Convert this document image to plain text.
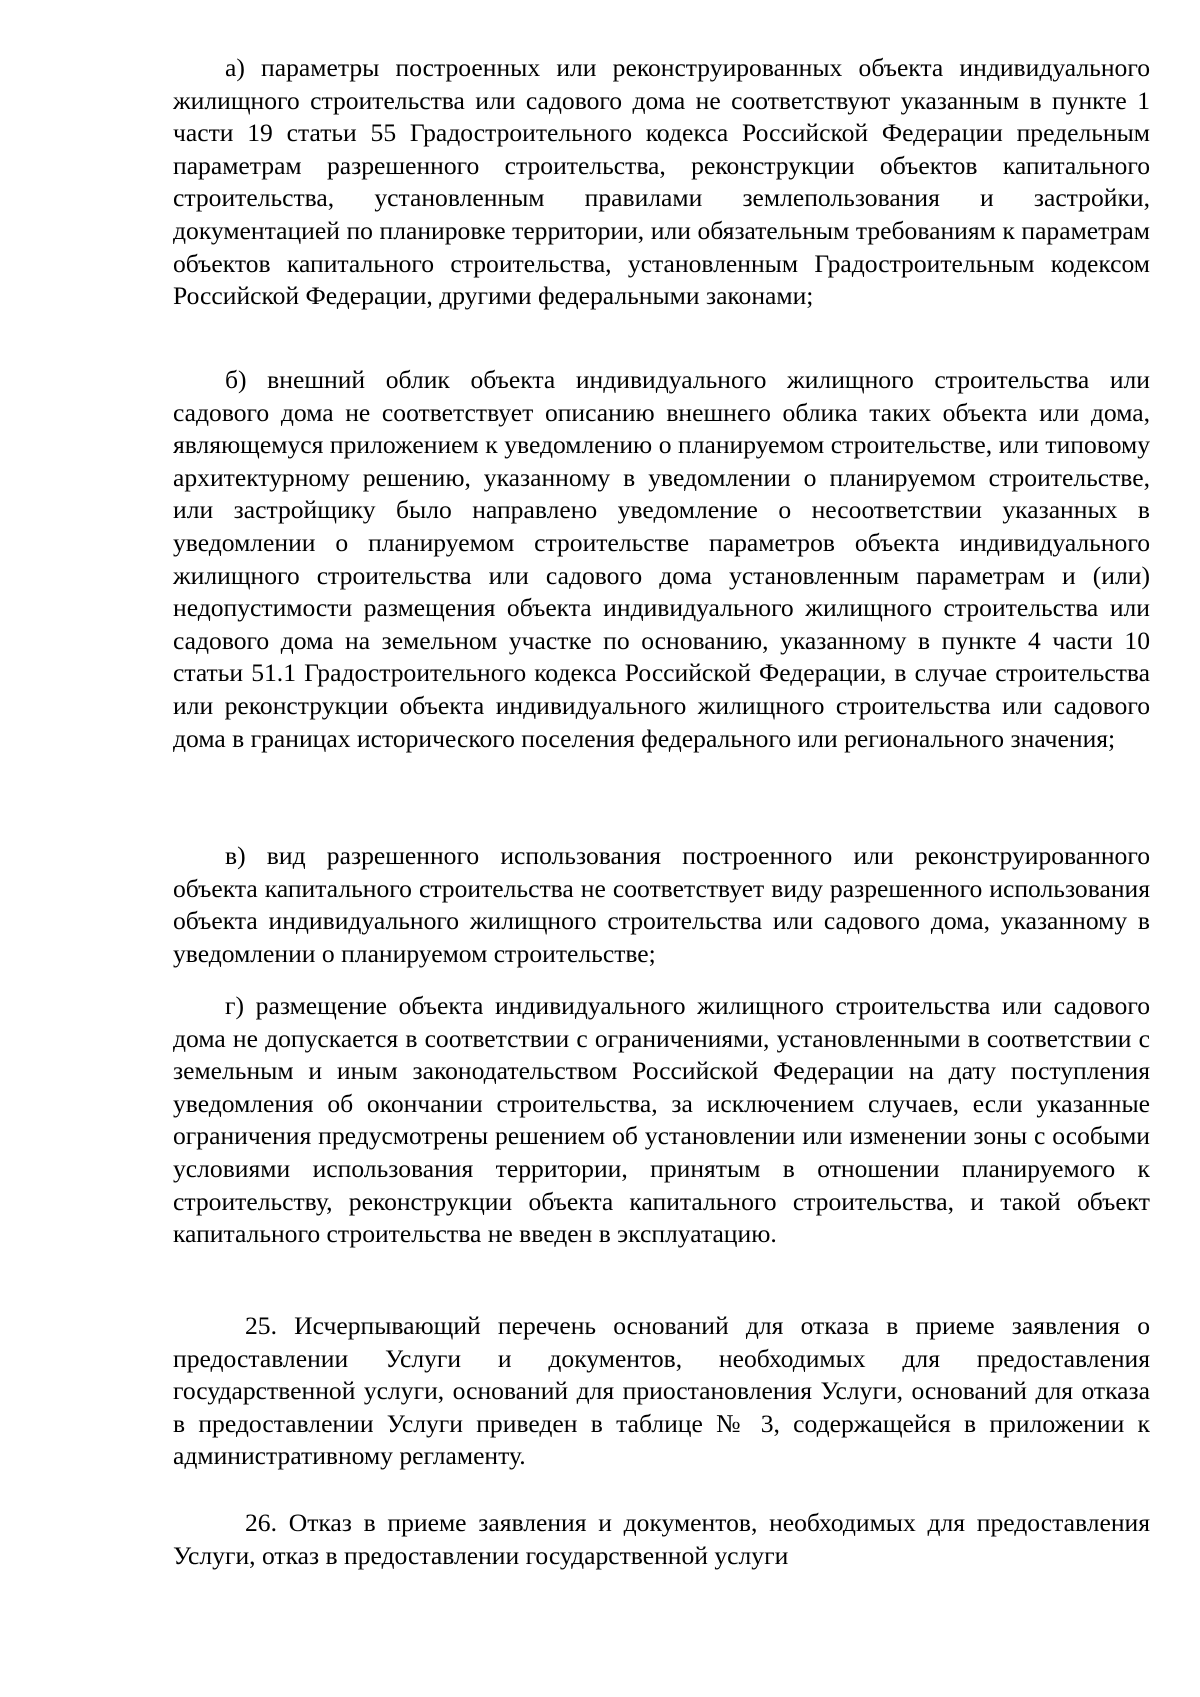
а) параметры построенных или реконструированных объекта индивидуального жилищного строительства или садового дома не соответствуют указанным в пункте 1 части 19 статьи 55 Градостроительного кодекса Российской Федерации предельным параметрам разрешенного строительства, реконструкции объектов капитального строительства, установленным правилами землепользования и застройки, документацией по планировке территории, или обязательным требованиям к параметрам объектов капитального строительства, установленным Градостроительным кодексом Российской Федерации, другими федеральными законами;

б) внешний облик объекта индивидуального жилищного строительства или садового дома не соответствует описанию внешнего облика таких объекта или дома, являющемуся приложением к уведомлению о планируемом строительстве, или типовому архитектурному решению, указанному в уведомлении о планируемом строительстве, или застройщику было направлено уведомление о несоответствии указанных в уведомлении о планируемом строительстве параметров объекта индивидуального жилищного строительства или садового дома установленным параметрам и (или) недопустимости размещения объекта индивидуального жилищного строительства или садового дома на земельном участке по основанию, указанному в пункте 4 части 10 статьи 51.1 Градостроительного кодекса Российской Федерации, в случае строительства или реконструкции объекта индивидуального жилищного строительства или садового дома в границах исторического поселения федерального или регионального значения;

в) вид разрешенного использования построенного или реконструированного объекта капитального строительства не соответствует виду разрешенного использования объекта индивидуального жилищного строительства или садового дома, указанному в уведомлении о планируемом строительстве;

г) размещение объекта индивидуального жилищного строительства или садового дома не допускается в соответствии с ограничениями, установленными в соответствии с земельным и иным законодательством Российской Федерации на дату поступления уведомления об окончании строительства, за исключением случаев, если указанные ограничения предусмотрены решением об установлении или изменении зоны с особыми условиями использования территории, принятым в отношении планируемого к строительству, реконструкции объекта капитального строительства, и такой объект капитального строительства не введен в эксплуатацию.

25. Исчерпывающий перечень оснований для отказа в приеме заявления о предоставлении Услуги и документов, необходимых для предоставления государственной услуги, оснований для приостановления Услуги, оснований для отказа в предоставлении Услуги приведен в таблице № 3, содержащейся в приложении к административному регламенту.

26. Отказ в приеме заявления и документов, необходимых для предоставления Услуги, отказ в предоставлении государственной услуги
